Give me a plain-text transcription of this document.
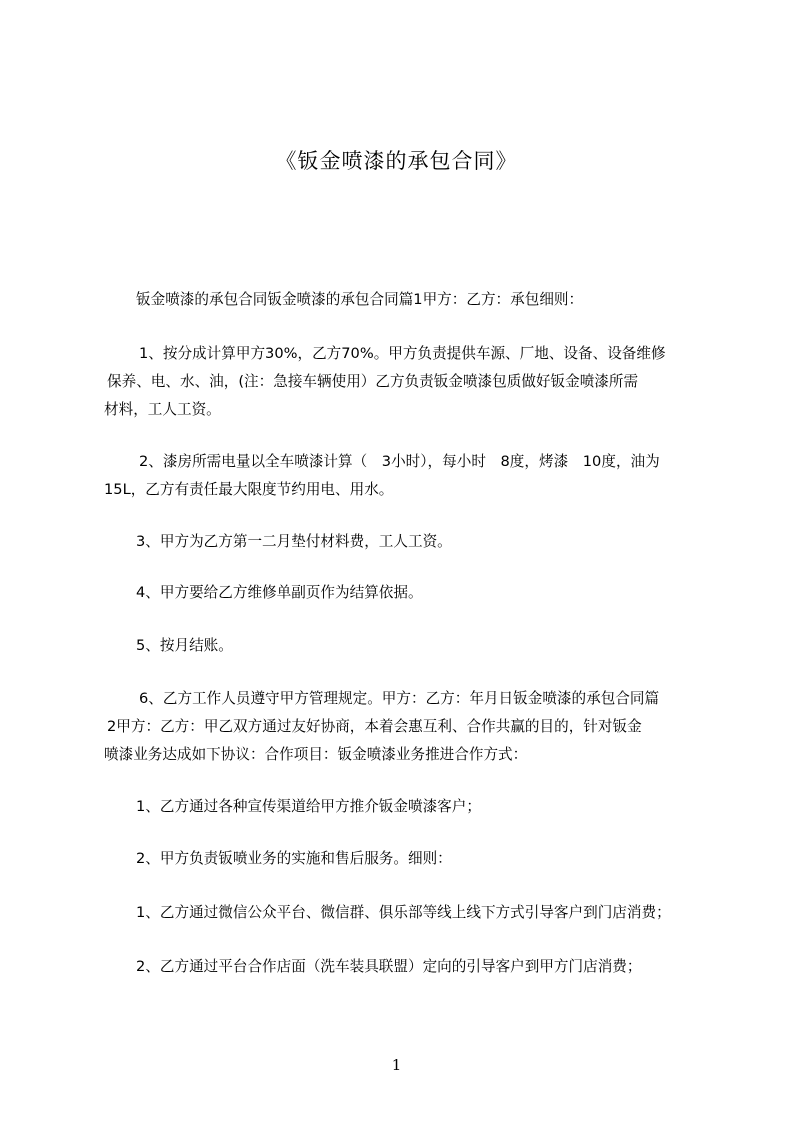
《钣金喷漆的承包合同》
钣金喷漆的承包合同钣金喷漆的承包合同篇1甲方：乙方：承包细则：
1、按分成计算甲方30%，乙方70%。甲方负责提供车源、厂地、设备、设备维修
保养、电、水、油，(注：急接车辆使用）乙方负责钣金喷漆包质做好钣金喷漆所需
材料，工人工资。
2、漆房所需电量以全车喷漆计算（　3小时），每小时　8度，烤漆　10度，油为
15L，乙方有责任最大限度节约用电、用水。
3、甲方为乙方第一二月垫付材料费，工人工资。
4、甲方要给乙方维修单副页作为结算依据。
5、按月结账。
6、乙方工作人员遵守甲方管理规定。甲方：乙方：年月日钣金喷漆的承包合同篇
2甲方：乙方：甲乙双方通过友好协商，本着会惠互利、合作共赢的目的，针对钣金
喷漆业务达成如下协议：合作项目：钣金喷漆业务推进合作方式：
1、乙方通过各种宣传渠道给甲方推介钣金喷漆客户；
2、甲方负责钣喷业务的实施和售后服务。细则：
1、乙方通过微信公众平台、微信群、俱乐部等线上线下方式引导客户到门店消费；
2、乙方通过平台合作店面（洗车装具联盟）定向的引导客户到甲方门店消费；
1
